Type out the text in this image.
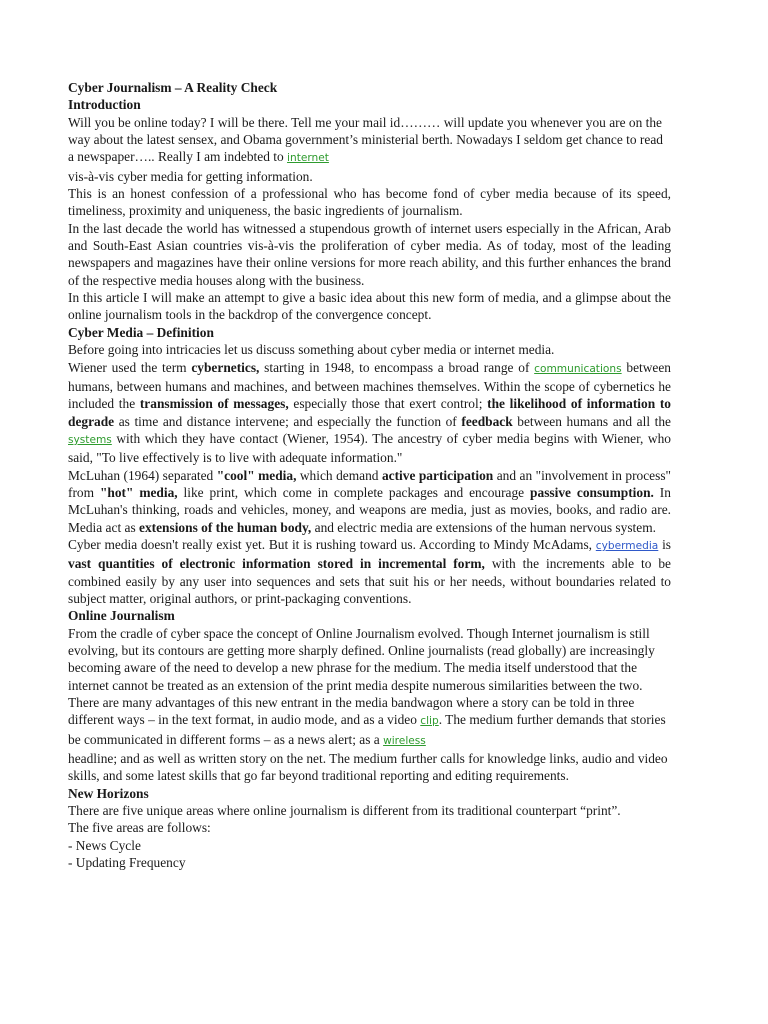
Cyber Journalism – A Reality Check

Introduction

Will you be online today? I will be there. Tell me your mail id……… will update you whenever you are on the way about the latest sensex, and Obama government’s ministerial berth. Nowadays I seldom get chance to read a newspaper….. Really I am indebted to internet
vis-à-vis cyber media for getting information.

This is an honest confession of a professional who has become fond of cyber media because of its speed, timeliness, proximity and uniqueness, the basic ingredients of journalism.

In the last decade the world has witnessed a stupendous growth of internet users especially in the African, Arab and South-East Asian countries vis-à-vis the proliferation of cyber media. As of today, most of the leading newspapers and magazines have their online versions for more reach ability, and this further enhances the brand of the respective media houses along with the business.

In this article I will make an attempt to give a basic idea about this new form of media, and a glimpse about the online journalism tools in the backdrop of the convergence concept.

Cyber Media – Definition

Before going into intricacies let us discuss something about cyber media or internet media.

Wiener used the term cybernetics, starting in 1948, to encompass a broad range of communications between humans, between humans and machines, and between machines themselves. Within the scope of cybernetics he included the transmission of messages, especially those that exert control; the likelihood of information to degrade as time and distance intervene; and especially the function of feedback between humans and all the systems with which they have contact (Wiener, 1954). The ancestry of cyber media begins with Wiener, who said, "To live effectively is to live with adequate information."

McLuhan (1964) separated "cool" media, which demand active participation and an "involvement in process" from "hot" media, like print, which come in complete packages and encourage passive consumption. In McLuhan's thinking, roads and vehicles, money, and weapons are media, just as movies, books, and radio are. Media act as extensions of the human body, and electric media are extensions of the human nervous system.

Cyber media doesn't really exist yet. But it is rushing toward us. According to Mindy McAdams, cybermedia is vast quantities of electronic information stored in incremental form, with the increments able to be combined easily by any user into sequences and sets that suit his or her needs, without boundaries related to subject matter, original authors, or print-packaging conventions.

Online Journalism

From the cradle of cyber space the concept of Online Journalism evolved. Though Internet journalism is still evolving, but its contours are getting more sharply defined. Online journalists (read globally) are increasingly becoming aware of the need to develop a new phrase for the medium. The media itself understood that the internet cannot be treated as an extension of the print media despite numerous similarities between the two. There are many advantages of this new entrant in the media bandwagon where a story can be told in three different ways – in the text format, in audio mode, and as a video clip. The medium further demands that stories be communicated in different forms – as a news alert; as a wireless
headline; and as well as written story on the net. The medium further calls for knowledge links, audio and video skills, and some latest skills that go far beyond traditional reporting and editing requirements.

New Horizons

There are five unique areas where online journalism is different from its traditional counterpart “print”.

The five areas are follows:

- News Cycle
- Updating Frequency
